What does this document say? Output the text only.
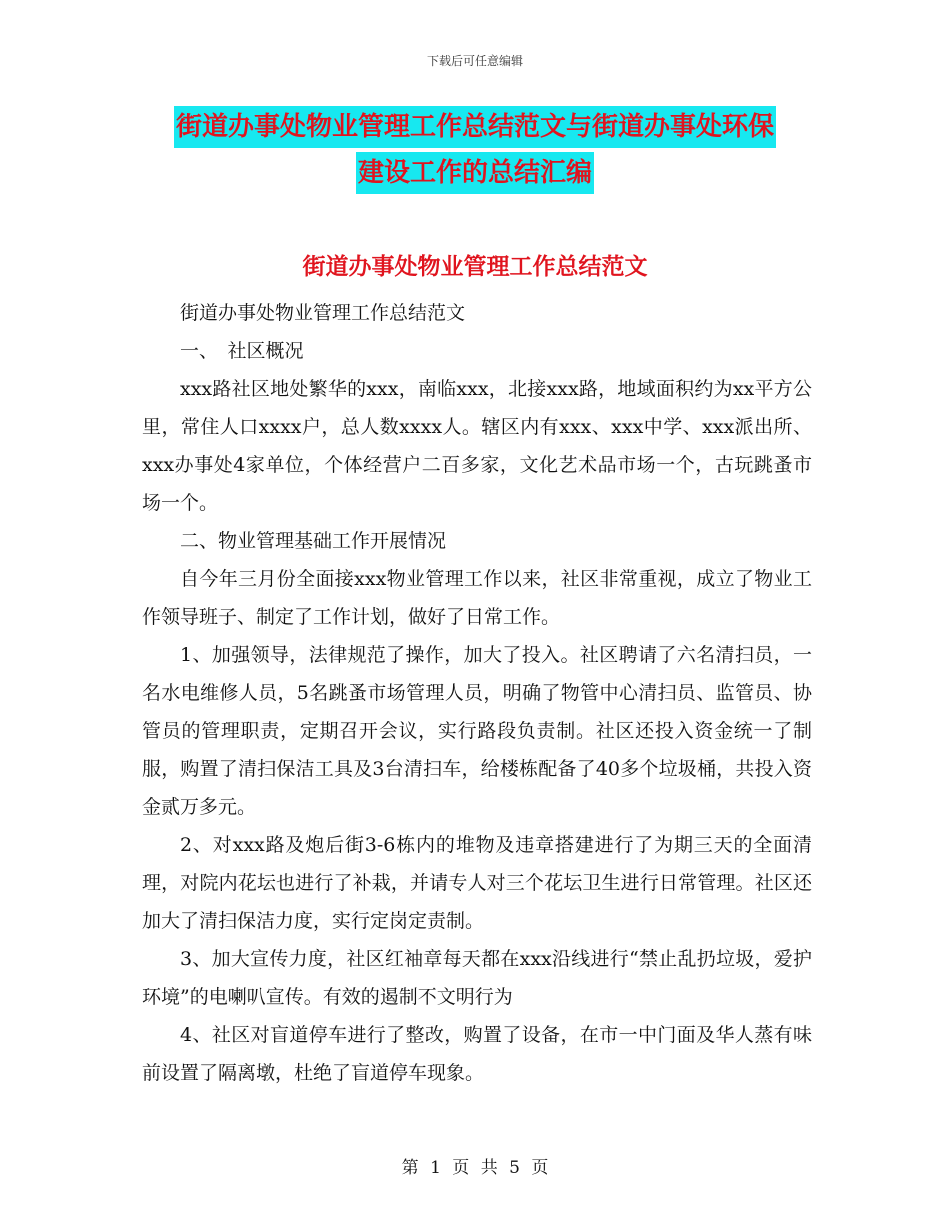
下载后可任意编辑
街道办事处物业管理工作总结范文与街道办事处环保
建设工作的总结汇编
街道办事处物业管理工作总结范文

街道办事处物业管理工作总结范文

一、　社区概况

xxx路社区地处繁华的xxx，南临xxx，北接xxx路，地域面积约为xx平方公里，常住人口xxxx户，总人数xxxx人。辖区内有xxx、xxx中学、xxx派出所、xxx办事处4家单位，个体经营户二百多家，文化艺术品市场一个，古玩跳蚤市场一个。

二、物业管理基础工作开展情况

自今年三月份全面接xxx物业管理工作以来，社区非常重视，成立了物业工作领导班子、制定了工作计划，做好了日常工作。

1、加强领导，法律规范了操作，加大了投入。社区聘请了六名清扫员，一名水电维修人员，5名跳蚤市场管理人员，明确了物管中心清扫员、监管员、协管员的管理职责，定期召开会议，实行路段负责制。社区还投入资金统一了制服，购置了清扫保洁工具及3台清扫车，给楼栋配备了40多个垃圾桶，共投入资金贰万多元。

2、对xxx路及炮后街3-6栋内的堆物及违章搭建进行了为期三天的全面清理，对院内花坛也进行了补栽，并请专人对三个花坛卫生进行日常管理。社区还加大了清扫保洁力度，实行定岗定责制。

3、加大宣传力度，社区红袖章每天都在xxx沿线进行“禁止乱扔垃圾，爱护环境”的电喇叭宣传。有效的遏制不文明行为

4、社区对盲道停车进行了整改，购置了设备，在市一中门面及华人蒸有味前设置了隔离墩，杜绝了盲道停车现象。

第 1 页 共 5 页
